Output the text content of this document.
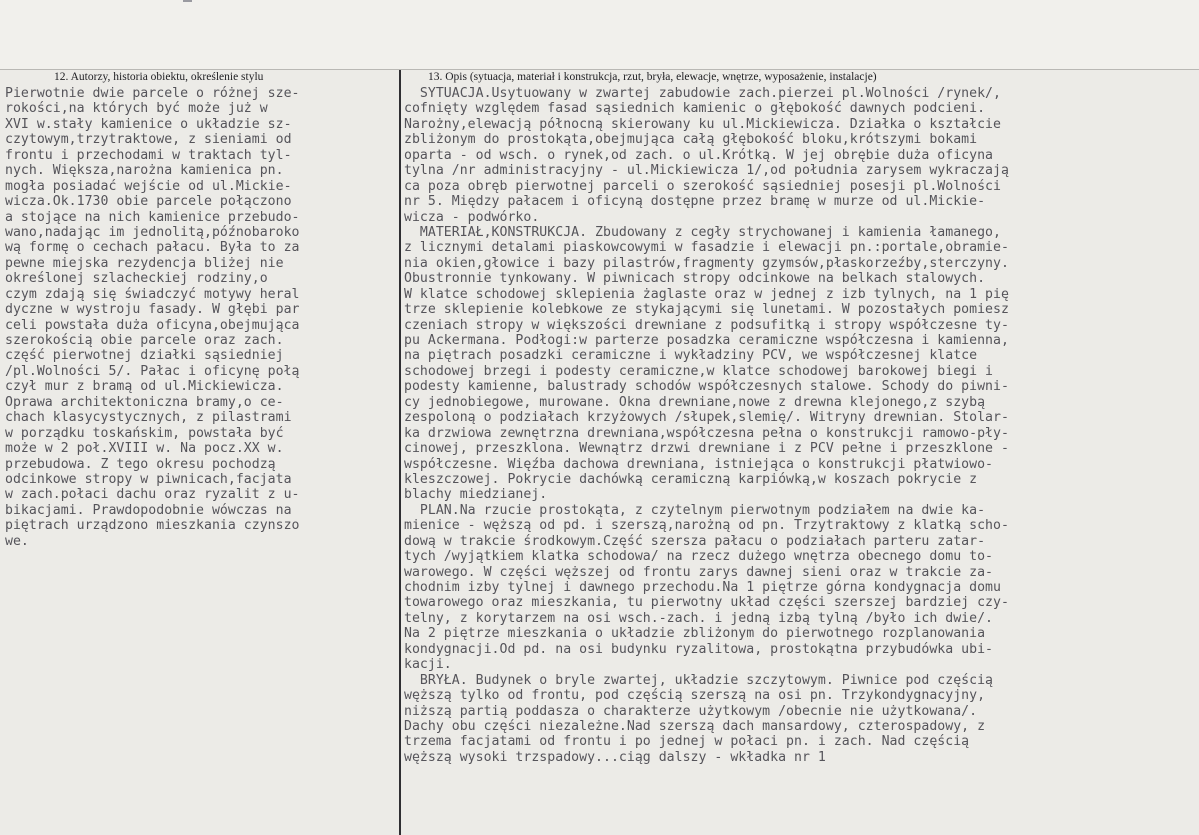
12. Autorzy, historia obiektu, określenie stylu	13. Opis (sytuacja, materiał i konstrukcja, rzut, bryła, elewacje, wnętrze, wyposażenie, instalacje)
Pierwotnie dwie parcele o różnej sze-
rokości,na których być może już w
XVI w.stały kamienice o układzie sz-
czytowym,trzytraktowe, z sieniami od
frontu i przechodami w traktach tyl-
nych. Większa,narożna kamienica pn.
mogła posiadać wejście od ul.Mickie-
wicza.Ok.1730 obie parcele połączono
a stojące na nich kamienice przebudo-
wano,nadając im jednolitą,późnobaroko
wą formę o cechach pałacu. Była to za
pewne miejska rezydencja bliżej nie
określonej szlacheckiej rodziny,o
czym zdają się świadczyć motywy heral
dyczne w wystroju fasady. W głębi par
celi powstała duża oficyna,obejmująca
szerokością obie parcele oraz zach.
część pierwotnej działki sąsiedniej
/pl.Wolności 5/. Pałac i oficynę połą
czył mur z bramą od ul.Mickiewicza.
Oprawa architektoniczna bramy,o ce-
chach klasycystycznych, z pilastrami
w porządku toskańskim, powstała być
może w 2 poł.XVIII w. Na pocz.XX w.
przebudowa. Z tego okresu pochodzą
odcinkowe stropy w piwnicach,facjata
w zach.połaci dachu oraz ryzalit z u-
bikacjami. Prawdopodobnie wówczas na
piętrach urządzono mieszkania czynszo
we.
SYTUACJA.Usytuowany w zwartej zabudowie zach.pierzei pl.Wolności /rynek/,
cofnięty względem fasad sąsiednich kamienic o głębokość dawnych podcieni.
Narożny,elewacją północną skierowany ku ul.Mickiewicza. Działka o kształcie
zbliżonym do prostokąta,obejmująca całą głębokość bloku,krótszymi bokami
oparta - od wsch. o rynek,od zach. o ul.Krótką. W jej obrębie duża oficyna
tylna /nr administracyjny - ul.Mickiewicza 1/,od południa zarysem wykraczają
ca poza obręb pierwotnej parceli o szerokość sąsiedniej posesji pl.Wolności
nr 5. Między pałacem i oficyną dostępne przez bramę w murze od ul.Mickie-
wicza - podwórko.
MATERIAŁ,KONSTRUKCJA. Zbudowany z cegły strychowanej i kamienia łamanego,
z licznymi detalami piaskowcowymi w fasadzie i elewacji pn.:portale,obramie-
nia okien,głowice i bazy pilastrów,fragmenty gzymsów,płaskorzeźby,sterczyny.
Obustronnie tynkowany. W piwnicach stropy odcinkowe na belkach stalowych.
W klatce schodowej sklepienia żaglaste oraz w jednej z izb tylnych, na 1 pię
trze sklepienie kolebkowe ze stykającymi się lunetami. W pozostałych pomiesz
czeniach stropy w większości drewniane z podsufitką i stropy współczesne ty-
pu Ackermana. Podłogi:w parterze posadzka ceramiczne współczesna i kamienna,
na piętrach posadzki ceramiczne i wykładziny PCV, we współczesnej klatce
schodowej brzegi i podesty ceramiczne,w klatce schodowej barokowej biegi i
podesty kamienne, balustrady schodów współczesnych stalowe. Schody do piwni-
cy jednobiegowe, murowane. Okna drewniane,nowe z drewna klejonego,z szybą
zespoloną o podziałach krzyżowych /słupek,slemię/. Witryny drewnian. Stolar-
ka drzwiowa zewnętrzna drewniana,współczesna pełna o konstrukcji ramowo-pły-
cinowej, przeszklona. Wewnątrz drzwi drewniane i z PCV pełne i przeszklone -
współczesne. Więźba dachowa drewniana, istniejąca o konstrukcji płatwiowo-
kleszczowej. Pokrycie dachówką ceramiczną karpiówką,w koszach pokrycie z
blachy miedzianej.
PLAN.Na rzucie prostokąta, z czytelnym pierwotnym podziałem na dwie ka-
mienice - węższą od pd. i szerszą,narożną od pn. Trzytraktowy z klatką scho-
dową w trakcie środkowym.Część szersza pałacu o podziałach parteru zatar-
tych /wyjątkiem klatka schodowa/ na rzecz dużego wnętrza obecnego domu to-
warowego. W części węższej od frontu zarys dawnej sieni oraz w trakcie za-
chodnim izby tylnej i dawnego przechodu.Na 1 piętrze górna kondygnacja domu
towarowego oraz mieszkania, tu pierwotny układ części szerszej bardziej czy-
telny, z korytarzem na osi wsch.-zach. i jedną izbą tylną /było ich dwie/.
Na 2 piętrze mieszkania o układzie zbliżonym do pierwotnego rozplanowania
kondygnacji.Od pd. na osi budynku ryzalitowa, prostokątna przybudówka ubi-
kacji.
BRYŁA. Budynek o bryle zwartej, układzie szczytowym. Piwnice pod częścią
węższą tylko od frontu, pod częścią szerszą na osi pn. Trzykondygnacyjny,
niższą partią poddasza o charakterze użytkowym /obecnie nie użytkowana/.
Dachy obu części niezależne.Nad szerszą dach mansardowy, czterospadowy, z
trzema facjatami od frontu i po jednej w połaci pn. i zach. Nad częścią
węższą wysoki trzspadowy...ciąg dalszy - wkładka nr 1
